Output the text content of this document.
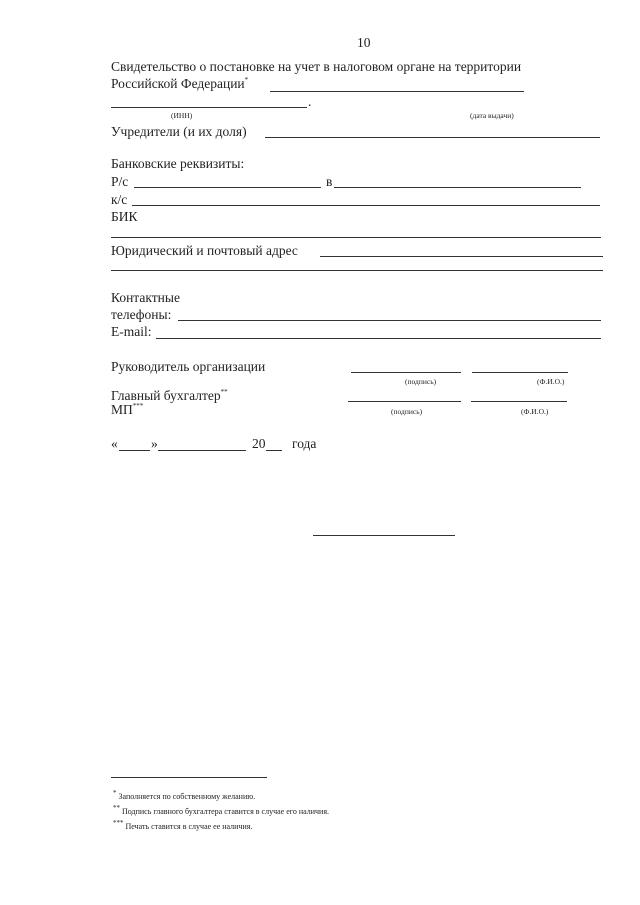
10
Свидетельство о постановке на учет в налоговом органе на территории
Российской Федерации*
.
(ИНН)	(дата выдачи)
Учредители (и их доля)
Банковские реквизиты:
Р/с	в
к/с
БИК
Юридический и почтовый адрес
Контактные
телефоны:
E-mail:
Руководитель организации
(подпись)	(Ф.И.О.)
Главный бухгалтер**
МП***
(подпись)	(Ф.И.О.)
« »	20 года
* Заполняется по собственному желанию.
** Подпись главного бухгалтера ставится в случае его наличия.
*** Печать ставится в случае ее наличия.
